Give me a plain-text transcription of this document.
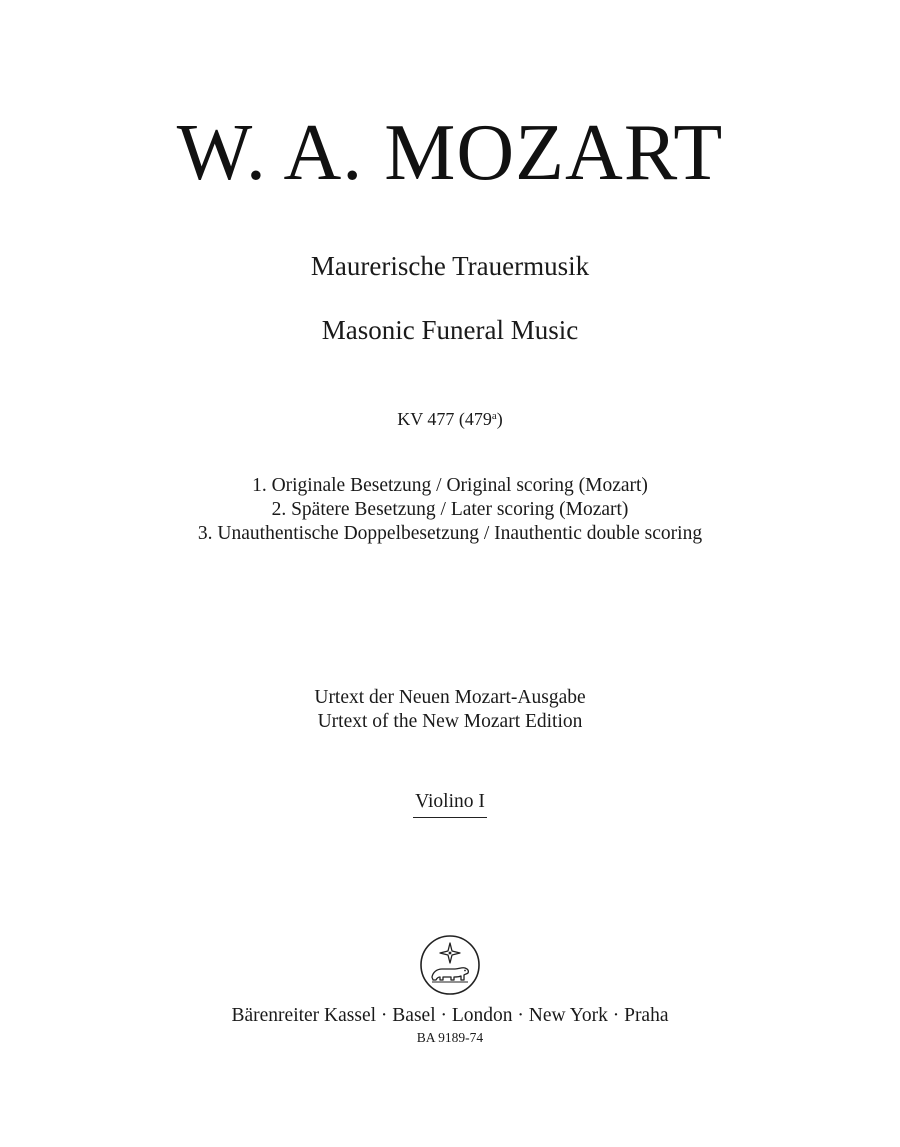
W. A. MOZART
Maurerische Trauermusik
Masonic Funeral Music
KV 477 (479$^a$)
1. Originale Besetzung / Original scoring (Mozart)
2. Spätere Besetzung / Later scoring (Mozart)
3. Unauthentische Doppelbesetzung / Inauthentic double scoring
Urtext der Neuen Mozart-Ausgabe
Urtext of the New Mozart Edition
Violino I
Bärenreiter Kassel · Basel · London · New York · Praha
BA 9189-74
